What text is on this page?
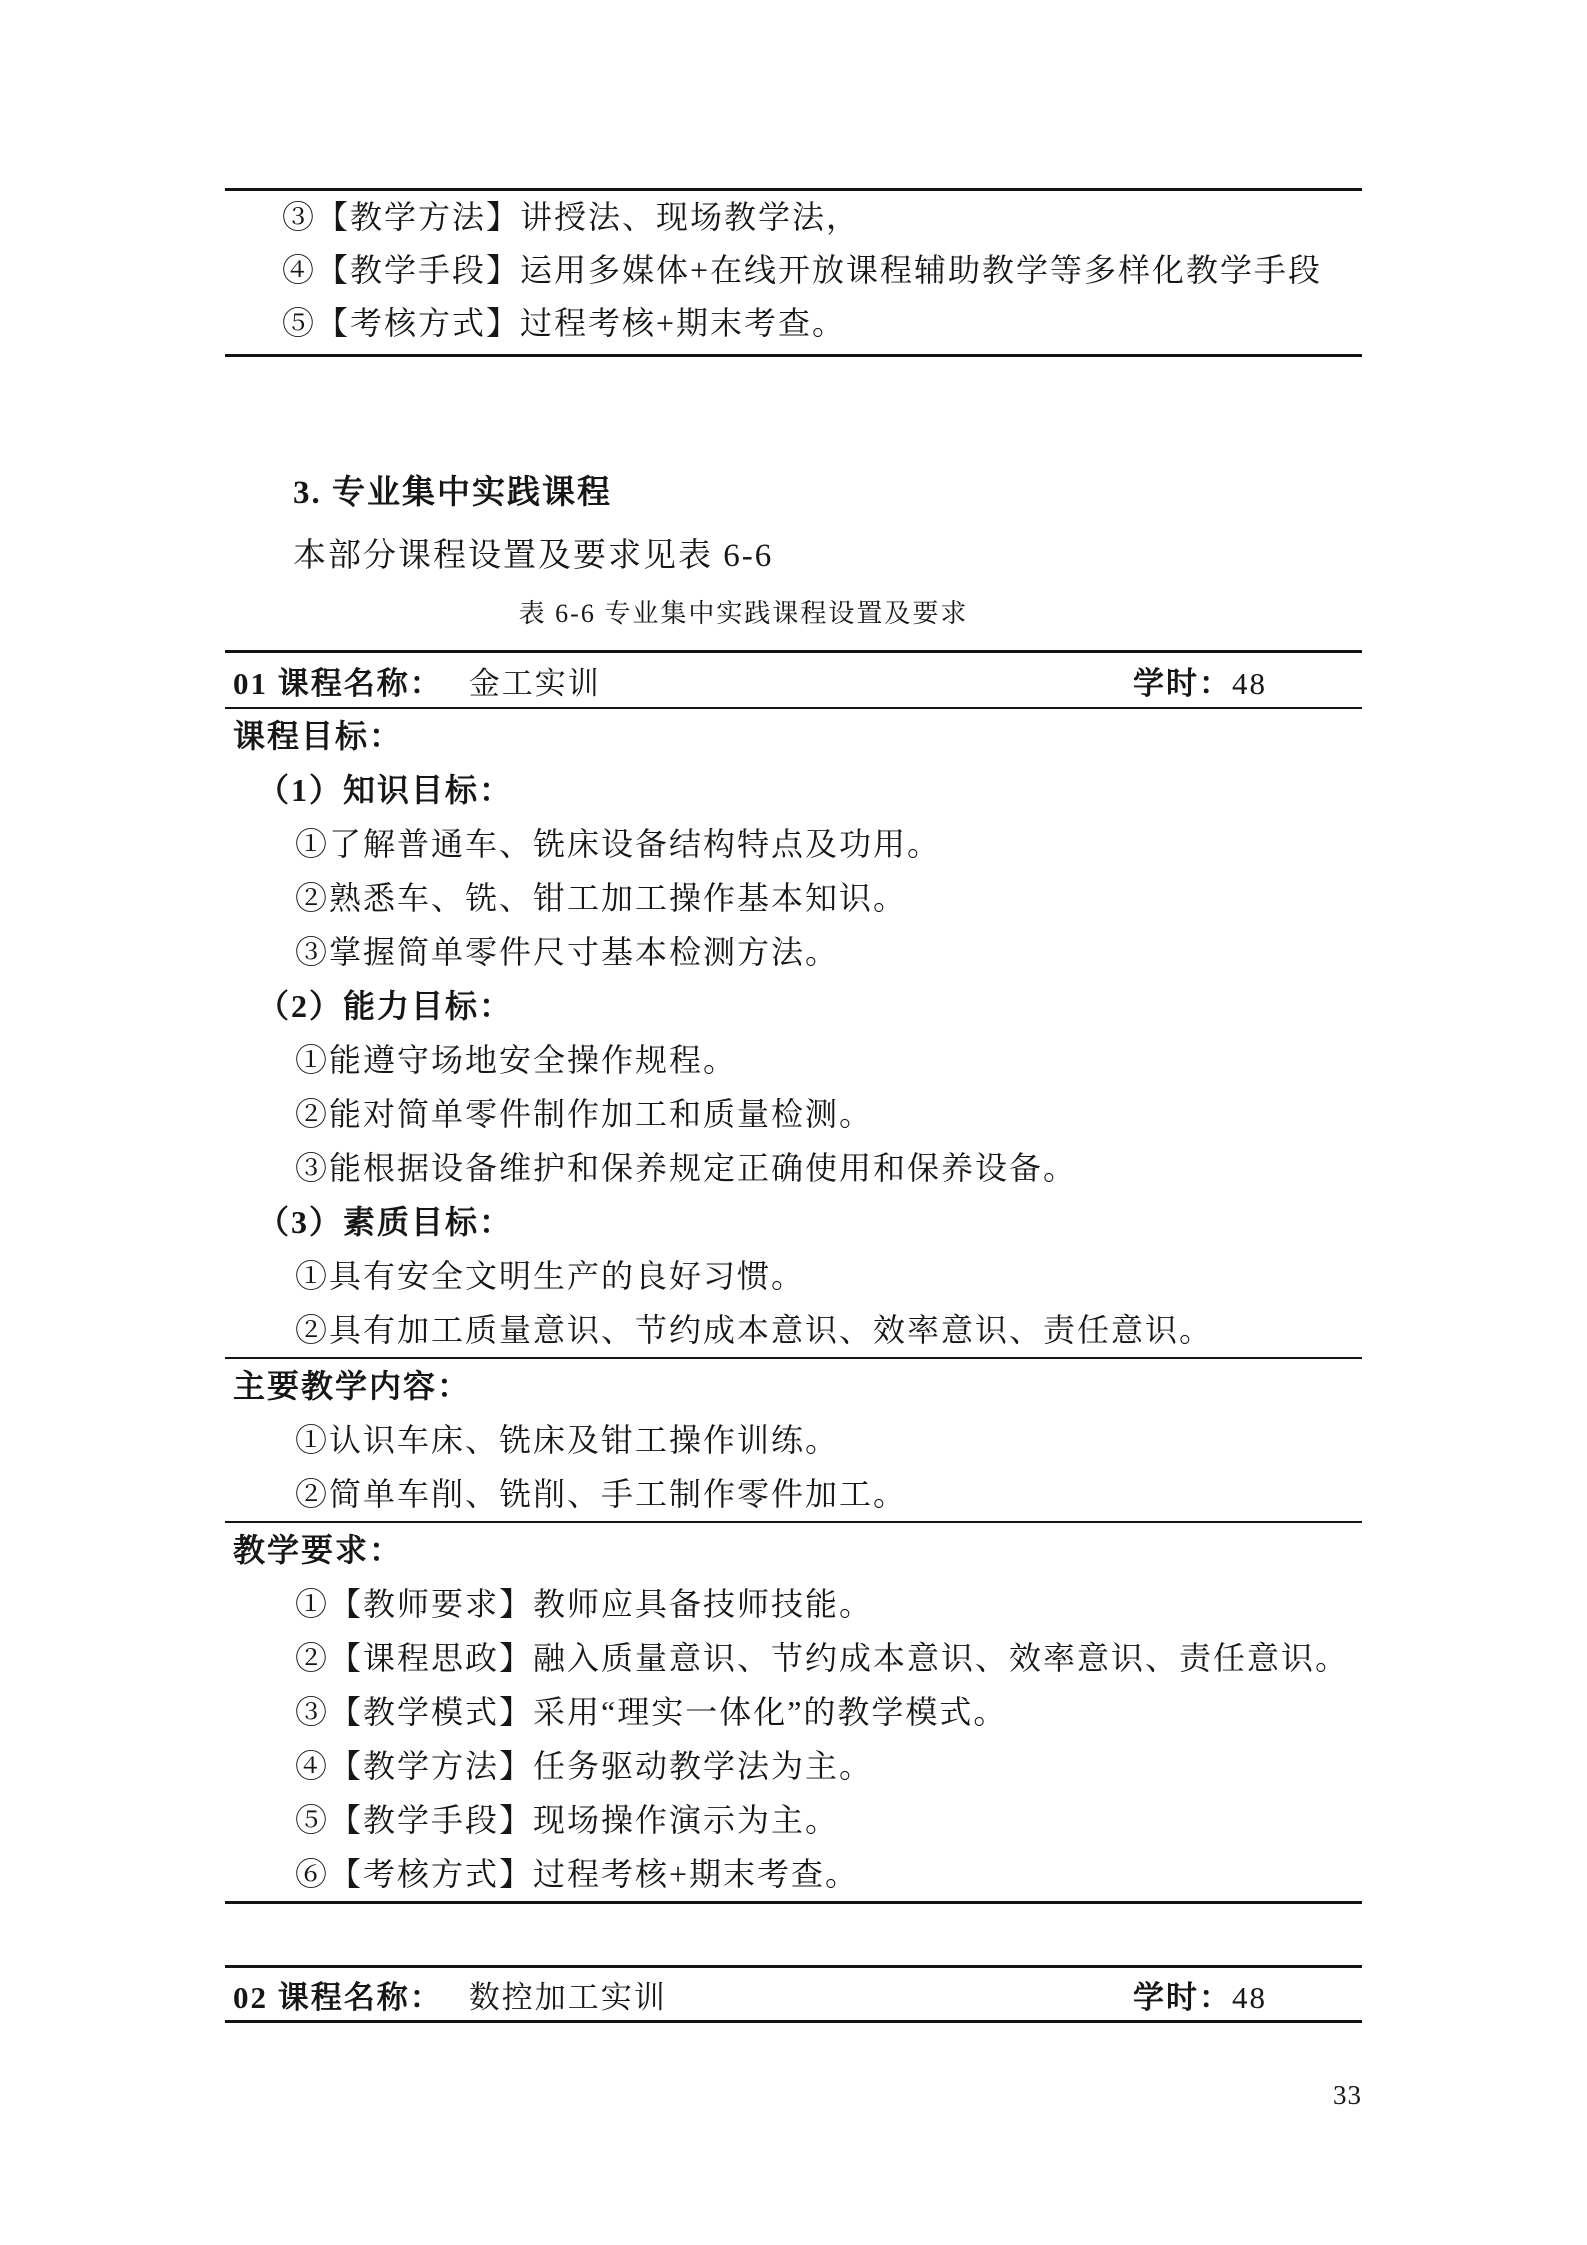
③【教学方法】讲授法、现场教学法，

④【教学手段】运用多媒体+在线开放课程辅助教学等多样化教学手段

⑤【考核方式】过程考核+期末考查。

3. 专业集中实践课程
本部分课程设置及要求见表 6-6
表 6-6 专业集中实践课程设置及要求
01 课程名称： 金工实训	学时：48

课程目标：

（1）知识目标：

①了解普通车、铣床设备结构特点及功用。

②熟悉车、铣、钳工加工操作基本知识。

③掌握简单零件尺寸基本检测方法。

（2）能力目标：

①能遵守场地安全操作规程。

②能对简单零件制作加工和质量检测。

③能根据设备维护和保养规定正确使用和保养设备。

（3）素质目标：

①具有安全文明生产的良好习惯。

②具有加工质量意识、节约成本意识、效率意识、责任意识。

主要教学内容：

①认识车床、铣床及钳工操作训练。

②简单车削、铣削、手工制作零件加工。

教学要求：

①【教师要求】教师应具备技师技能。

②【课程思政】融入质量意识、节约成本意识、效率意识、责任意识。

③【教学模式】采用“理实一体化”的教学模式。

④【教学方法】任务驱动教学法为主。

⑤【教学手段】现场操作演示为主。

⑥【考核方式】过程考核+期末考查。

02 课程名称： 数控加工实训	学时：48
33
